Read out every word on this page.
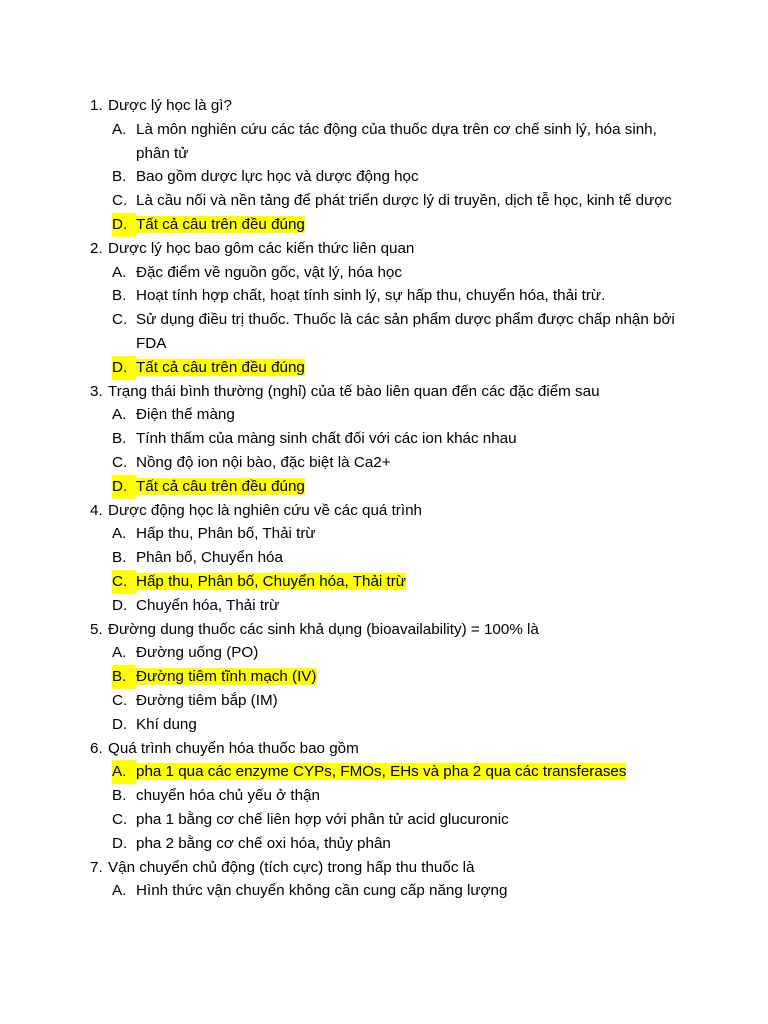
1. Dược lý học là gì?
A. Là môn nghiên cứu các tác động của thuốc dựa trên cơ chế sinh lý, hóa sinh, phân tử
B. Bao gồm dược lực học và dược động học
C. Là cầu nối và nền tảng để phát triển dược lý di truyền, dịch tễ học, kinh tế dược
D. Tất cả câu trên đều đúng
2. Dược lý học bao gôm các kiến thức liên quan
A. Đặc điểm về nguồn gốc, vật lý, hóa học
B. Hoạt tính hợp chất, hoạt tính sinh lý, sự hấp thu, chuyển hóa, thải trừ.
C. Sử dụng điều trị thuốc. Thuốc là các sản phẩm dược phẩm được chấp nhận bởi FDA
D. Tất cả câu trên đều đúng
3. Trạng thái bình thường (nghỉ) của tế bào liên quan đến các đặc điểm sau
A. Điện thế màng
B. Tính thấm của màng sinh chất đối với các ion khác nhau
C. Nồng độ ion nội bào, đặc biệt là Ca2+
D. Tất cả câu trên đều đúng
4. Dược động học là nghiên cứu về các quá trình
A. Hấp thu, Phân bố, Thải trừ
B. Phân bố, Chuyển hóa
C. Hấp thu, Phân bố, Chuyển hóa, Thải trừ
D. Chuyển hóa, Thải trừ
5. Đường dung thuốc các sinh khả dụng (bioavailability) = 100% là
A. Đường uống (PO)
B. Đường tiêm tĩnh mạch (IV)
C. Đường tiêm bắp (IM)
D. Khí dung
6. Quá trình chuyển hóa thuốc bao gồm
A. pha 1 qua các enzyme CYPs, FMOs, EHs và pha 2 qua các transferases
B. chuyển hóa chủ yếu ở thận
C. pha 1 bằng cơ chế liên hợp với phân tử acid glucuronic
D. pha 2 bằng cơ chế oxi hóa, thủy phân
7. Vận chuyển chủ động (tích cực) trong hấp thu thuốc là
A. Hình thức vận chuyển không cần cung cấp năng lượng
